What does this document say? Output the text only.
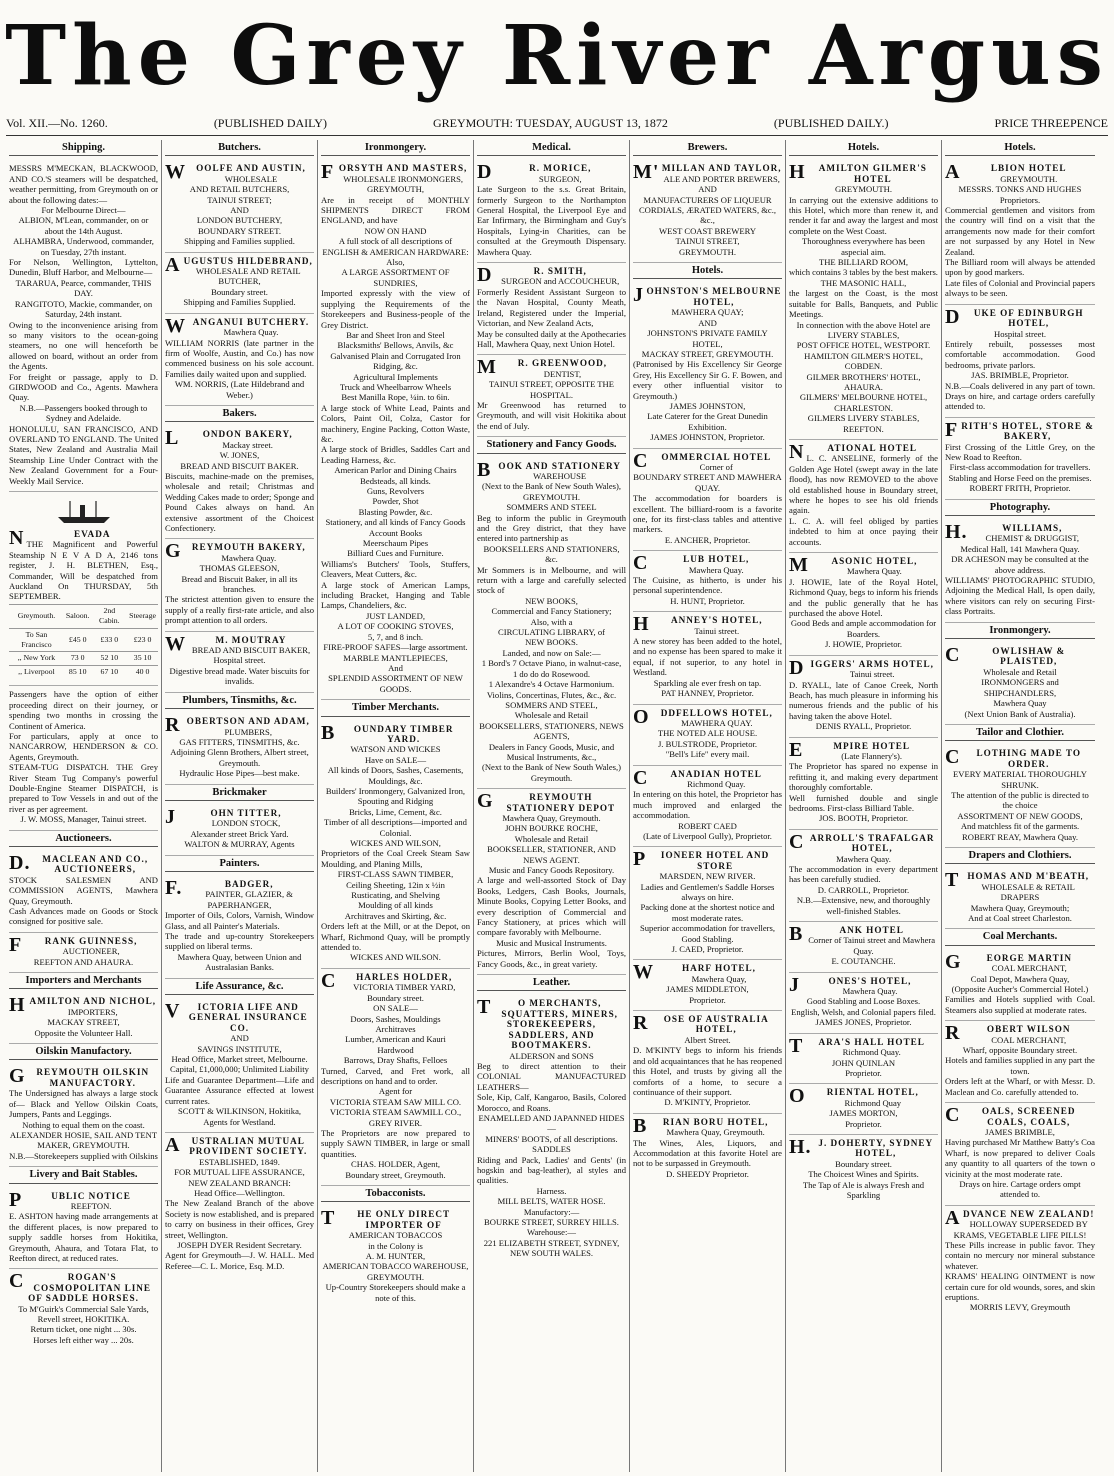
The Grey River Argus
Vol. XII.—No. 1260.	(PUBLISHED DAILY)	GREYMOUTH: TUESDAY, AUGUST 13, 1872	(PUBLISHED DAILY.)	PRICE THREEPENCE
Shipping.
MESSRS M'MECKAN, BLACKWOOD, AND CO.'S steamers will be despatched, weather permitting, from Greymouth on or about the following dates:—
For Melbourne Direct—
ALBION, M'Lean, commander, on or about the 14th August.
ALHAMBRA, Underwood, commander, on Tuesday, 27th instant.
For Nelson, Wellington, Lyttelton, Dunedin, Bluff Harbor, and Melbourne—
TARARUA, Pearce, commander, THIS DAY.
RANGITOTO, Mackie, commander, on Saturday, 24th instant.
Owing to the inconvenience arising from so many visitors to the ocean-going steamers, no one will henceforth be allowed on board, without an order from the Agents.
For freight or passage, apply to D. GIRDWOOD and Co., Agents. Mawhera Quay.
N.B.—Passengers booked through to Sydney and Adelaide.
HONOLULU, SAN FRANCISCO, AND OVERLAND TO ENGLAND. The United States, New Zealand and Australia Mail Steamship Line Under Contract with the New Zealand Government for a Four-Weekly Mail Service.
NEVADA
THE Magnificent and Powerful Steamship N E V A D A, 2146 tons register, J. H. BLETHEN, Esq., Commander, Will be despatched from Auckland On THURSDAY, 5th SEPTEMBER.
Greymouth.	Saloon.	2nd Cabin.	Steerage
To San Francisco	£45 0	£33 0	£23 0
,, New York	73 0	52 10	35 10
,, Liverpool	85 10	67 10	40 0
Passengers have the option of either proceeding direct on their journey, or spending two months in crossing the Continent of America.
For particulars, apply at once to NANCARROW, HENDERSON & CO. Agents, Greymouth.
STEAM-TUG DISPATCH. THE Grey River Steam Tug Company's powerful Double-Engine Steamer DISPATCH, is prepared to Tow Vessels in and out of the river as per agreement.
J. W. MOSS, Manager, Tainui street.
Auctioneers.
D.MACLEAN AND CO., AUCTIONEERS,
STOCK SALESMEN AND COMMISSION AGENTS, Mawhera Quay, Greymouth.
Cash Advances made on Goods or Stock consigned for positive sale.
FRANK GUINNESS,
AUCTIONEER,
REEFTON AND AHAURA.
Importers and Merchants
HAMILTON AND NICHOL,
IMPORTERS,
MACKAY STREET,
Opposite the Volunteer Hall.
Oilskin Manufactory.
GREYMOUTH OILSKIN MANUFACTORY.
The Undersigned has always a large stock of— Black and Yellow Oilskin Coats, Jumpers, Pants and Leggings.
Nothing to equal them on the coast.
ALEXANDER HOSIE, SAIL AND TENT MAKER, GREYMOUTH.
N.B.—Storekeepers supplied with Oilskins
Livery and Bait Stables.
PUBLIC NOTICE
REEFTON.
E. ASHTON having made arrangements at the different places, is now prepared to supply saddle horses from Hokitika, Greymouth, Ahaura, and Totara Flat, to Reefton direct, at reduced rates.
CROGAN'S COSMOPOLITAN LINE OF SADDLE HORSES.
To M'Guirk's Commercial Sale Yards, Revell street, HOKITIKA.
Return ticket, one night ... 30s.
Horses left either way ... 20s.
Butchers.
WOOLFE AND AUSTIN,
WHOLESALE
AND RETAIL BUTCHERS,
TAINUI STREET;
AND
LONDON BUTCHERY,
BOUNDARY STREET.
Shipping and Families supplied.
AUGUSTUS HILDEBRAND,
WHOLESALE AND RETAIL
BUTCHER,
Boundary street.
Shipping and Families Supplied.
WANGANUI BUTCHERY.
Mawhera Quay.
WILLIAM NORRIS (late partner in the firm of Woolfe, Austin, and Co.) has now commenced business on his sole account. Families daily waited upon and supplied.
WM. NORRIS, (Late Hildebrand and Weber.)
Bakers.
LONDON BAKERY,
Mackay street.
W. JONES,
BREAD AND BISCUIT BAKER.
Biscuits, machine-made on the premises, wholesale and retail; Christmas and Wedding Cakes made to order; Sponge and Pound Cakes always on hand. An extensive assortment of the Choicest Confectionery.
GREYMOUTH BAKERY,
Mawhera Quay.
THOMAS GLEESON,
Bread and Biscuit Baker, in all its branches.
The strictest attention given to ensure the supply of a really first-rate article, and also prompt attention to all orders.
WM. MOUTRAY
BREAD AND BISCUIT BAKER,
Hospital street.
Digestive bread made. Water biscuits for invalids.
Plumbers, Tinsmiths, &c.
ROBERTSON AND ADAM,
PLUMBERS,
GAS FITTERS, TINSMITHS, &c.
Adjoining Glenn Brothers, Albert street, Greymouth.
Hydraulic Hose Pipes—best make.
Brickmaker
JOHN TITTER,
LONDON STOCK,
Alexander street Brick Yard.
WALTON & MURRAY, Agents
Painters.
F.BADGER,
PAINTER, GLAZIER, & PAPERHANGER,
Importer of Oils, Colors, Varnish, Window Glass, and all Painter's Materials.
The trade and up-country Storekeepers supplied on liberal terms.
Mawhera Quay, between Union and Australasian Banks.
Life Assurance, &c.
VICTORIA LIFE AND GENERAL INSURANCE CO.
AND
SAVINGS INSTITUTE,
Head Office, Market street, Melbourne.
Capital, £1,000,000; Unlimited Liability
Life and Guarantee Department—Life and Guarantee Assurance effected at lowest current rates.
SCOTT & WILKINSON, Hokitika, Agents for Westland.
AUSTRALIAN MUTUAL PROVIDENT SOCIETY.
ESTABLISHED, 1849.
FOR MUTUAL LIFE ASSURANCE,
NEW ZEALAND BRANCH:
Head Office—Wellington.
The New Zealand Branch of the above Society is now established, and is prepared to carry on business in their offices, Grey street, Wellington.
JOSEPH DYER Resident Secretary.
Agent for Greymouth—J. W. HALL. Med Referee—C. L. Morice, Esq. M.D.
Ironmongery.
FORSYTH AND MASTERS,
WHOLESALE IRONMONGERS,
GREYMOUTH,
Are in receipt of MONTHLY SHIPMENTS DIRECT FROM ENGLAND, and have
NOW ON HAND
A full stock of all descriptions of
ENGLISH & AMERICAN HARDWARE:
Also,
A LARGE ASSORTMENT OF SUNDRIES,
Imported expressly with the view of supplying the Requirements of the Storekeepers and Business-people of the Grey District.
Bar and Sheet Iron and Steel
Blacksmiths' Bellows, Anvils, &c
Galvanised Plain and Corrugated Iron
Ridging, &c.
Agricultural Implements
Truck and Wheelbarrow Wheels
Best Manilla Rope, ¼in. to 6in.
A large stock of White Lead, Paints and Colors, Paint Oil, Colza, Castor for machinery, Engine Packing, Cotton Waste, &c.
A large stock of Bridles, Saddles Cart and Leading Harness, &c.
American Parlor and Dining Chairs Bedsteads, all kinds.
Guns, Revolvers
Powder, Shot
Blasting Powder, &c.
Stationery, and all kinds of Fancy Goods
Account Books
Meerschaum Pipes
Billiard Cues and Furniture.
Williams's Butchers' Tools, Stuffers, Cleavers, Meat Cutters, &c.
A large stock of American Lamps, including Bracket, Hanging and Table Lamps, Chandeliers, &c.
JUST LANDED,
A LOT OF COOKING STOVES,
5, 7, and 8 inch.
FIRE-PROOF SAFES—large assortment.
MARBLE MANTLEPIECES,
And
SPLENDID ASSORTMENT OF NEW GOODS.
Timber Merchants.
BOUNDARY TIMBER YARD.
WATSON AND WICKES
Have on SALE—
All kinds of Doors, Sashes, Casements, Mouldings, &c.
Builders' Ironmongery, Galvanized Iron, Spouting and Ridging
Bricks, Lime, Cement, &c.
Timber of all descriptions—imported and Colonial.
WICKES AND WILSON,
Proprietors of the Coal Creek Steam Saw Moulding, and Planing Mills,
FIRST-CLASS SAWN TIMBER,
Ceiling Sheeting, 12in x ½in
Rusticating, and Shelving
Moulding of all kinds
Architraves and Skirting, &c.
Orders left at the Mill, or at the Depot, on Wharf, Richmond Quay, will be promptly attended to.
WICKES AND WILSON.
CHARLES HOLDER,
VICTORIA TIMBER YARD,
Boundary street.
ON SALE—
Doors, Sashes, Mouldings
Architraves
Lumber, American and Kauri
Hardwood
Barrows, Dray Shafts, Felloes
Turned, Carved, and Fret work, all descriptions on hand and to order.
Agent for
VICTORIA STEAM SAW MILL CO.
VICTORIA STEAM SAWMILL CO., GREY RIVER.
The Proprietors are now prepared to supply SAWN TIMBER, in large or small quantities.
CHAS. HOLDER, Agent,
Boundary street, Greymouth.
Tobacconists.
THE ONLY DIRECT IMPORTER OF
AMERICAN TOBACCOS
in the Colony is
A. M. HUNTER,
AMERICAN TOBACCO WAREHOUSE, GREYMOUTH.
Up-Country Storekeepers should make a note of this.
Medical.
DR. MORICE,
SURGEON,
Late Surgeon to the s.s. Great Britain, formerly Surgeon to the Northampton General Hospital, the Liverpool Eye and Ear Infirmary, the Birmingham and Guy's Hospitals, Lying-in Charities, can be consulted at the Greymouth Dispensary. Mawhera Quay.
DR. SMITH,
SURGEON and ACCOUCHEUR,
Formerly Resident Assistant Surgeon to the Navan Hospital, County Meath, Ireland, Registered under the Imperial, Victorian, and New Zealand Acts,
May be consulted daily at the Apothecaries Hall, Mawhera Quay, next Union Hotel.
MR. GREENWOOD,
DENTIST,
TAINUI STREET, OPPOSITE THE HOSPITAL.
Mr Greenwood has returned to Greymouth, and will visit Hokitika about the end of July.
Stationery and Fancy Goods.
BOOK AND STATIONERY
WAREHOUSE
(Next to the Bank of New South Wales), GREYMOUTH.
SOMMERS AND STEEL
Beg to inform the public in Greymouth and the Grey district, that they have entered into partnership as
BOOKSELLERS AND STATIONERS, &c.
Mr Sommers is in Melbourne, and will return with a large and carefully selected stock of
NEW BOOKS,
Commercial and Fancy Stationery;
Also, with a
CIRCULATING LIBRARY, of
NEW BOOKS.
Landed, and now on Sale:—
1 Bord's 7 Octave Piano, in walnut-case,
1 do do do Rosewood.
1 Alexandre's 4 Octave Harmonium.
Violins, Concertinas, Flutes, &c., &c.
SOMMERS AND STEEL,
Wholesale and Retail
BOOKSELLERS, STATIONERS, NEWS AGENTS,
Dealers in Fancy Goods, Music, and Musical Instruments, &c.,
(Next to the Bank of New South Wales,) Greymouth.
GREYMOUTH STATIONERY DEPOT
Mawhera Quay, Greymouth.
JOHN BOURKE ROCHE,
Wholesale and Retail
BOOKSELLER, STATIONER, AND NEWS AGENT.
Music and Fancy Goods Repository.
A large and well-assorted Stock of Day Books, Ledgers, Cash Books, Journals, Minute Books, Copying Letter Books, and every description of Commercial and Fancy Stationery, at prices which will compare favorably with Melbourne.
Music and Musical Instruments.
Pictures, Mirrors, Berlin Wool, Toys, Fancy Goods, &c., in great variety.
Leather.
TO MERCHANTS, SQUATTERS, MINERS, STOREKEEPERS, SADDLERS, AND BOOTMAKERS.
ALDERSON and SONS
Beg to direct attention to their COLONIAL MANUFACTURED LEATHERS—
Sole, Kip, Calf, Kangaroo, Basils, Colored Morocco, and Roans.
ENAMELLED AND JAPANNED HIDES—
MINERS' BOOTS, of all descriptions.
SADDLES
Riding and Pack, Ladies' and Gents' (in hogskin and bag-leather), al styles and qualities.
Harness.
MILL BELTS, WATER HOSE.
Manufactory:—
BOURKE STREET, SURREY HILLS. Warehouse:—
221 ELIZABETH STREET, SYDNEY, NEW SOUTH WALES.
Brewers.
M'MILLAN AND TAYLOR,
ALE AND PORTER BREWERS,
AND
MANUFACTURERS OF LIQUEUR CORDIALS, ÆRATED WATERS, &c., &c.,
WEST COAST BREWERY
TAINUI STREET,
GREYMOUTH.
Hotels.
JOHNSTON'S MELBOURNE HOTEL,
MAWHERA QUAY;
AND
JOHNSTON'S PRIVATE FAMILY HOTEL,
MACKAY STREET, GREYMOUTH.
(Patronised by His Excellency Sir George Grey, His Excellency Sir G. F. Bowen, and every other influential visitor to Greymouth.)
JAMES JOHNSTON,
Late Caterer for the Great Dunedin Exhibition.
JAMES JOHNSTON, Proprietor.
COMMERCIAL HOTEL
Corner of
BOUNDARY STREET AND MAWHERA QUAY.
The accommodation for boarders is excellent. The billiard-room is a favorite one, for its first-class tables and attentive markers.
E. ANCHER, Proprietor.
CLUB HOTEL,
Mawhera Quay.
The Cuisine, as hitherto, is under his personal superintendence.
H. HUNT, Proprietor.
HANNEY'S HOTEL,
Tainui street.
A new storey has been added to the hotel, and no expense has been spared to make it equal, if not superior, to any hotel in Westland.
Sparkling ale ever fresh on tap.
PAT HANNEY, Proprietor.
ODDFELLOWS HOTEL,
MAWHERA QUAY.
THE NOTED ALE HOUSE.
J. BULSTRODE, Proprietor.
"Bell's Life" every mail.
CANADIAN HOTEL
Richmond Quay.
In entering on this hotel, the Proprietor has much improved and enlarged the accommodation.
ROBERT CAED
(Late of Liverpool Gully), Proprietor.
PIONEER HOTEL AND STORE
MARSDEN, NEW RIVER.
Ladies and Gentlemen's Saddle Horses always on hire.
Packing done at the shortest notice and most moderate rates.
Superior accommodation for travellers, Good Stabling.
J. CAED, Proprietor.
WHARF HOTEL,
Mawhera Quay,
JAMES MIDDLETON,
Proprietor.
ROSE OF AUSTRALIA HOTEL,
Albert Street.
D. M'KINTY begs to inform his friends and old acquaintances that he has reopened this Hotel, and trusts by giving all the comforts of a home, to secure a continuance of their support.
D. M'KINTY, Proprietor.
BRIAN BORU HOTEL,
Mawhera Quay, Greymouth.
The Wines, Ales, Liquors, and Accommodation at this favorite Hotel are not to be surpassed in Greymouth.
D. SHEEDY Proprietor.
Hotels.
HAMILTON GILMER'S HOTEL
GREYMOUTH.
In carrying out the extensive additions to this Hotel, which more than renew it, and render it far and away the largest and most complete on the West Coast.
Thoroughness everywhere has been aspecial aim.
THE BILLIARD ROOM,
which contains 3 tables by the best makers.
THE MASONIC HALL,
the largest on the Coast, is the most suitable for Balls, Banquets, and Public Meetings.
In connection with the above Hotel are LIVERY STABLES,
POST OFFICE HOTEL, WESTPORT.
HAMILTON GILMER'S HOTEL, COBDEN.
GILMER BROTHERS' HOTEL, AHAURA.
GILMERS' MELBOURNE HOTEL, CHARLESTON.
GILMERS LIVERY STABLES, REEFTON.
NATIONAL HOTEL
L. C. ANSELINE, formerly of the Golden Age Hotel (swept away in the late flood), has now REMOVED to the above old established house in Boundary street, where he hopes to see his old friends again.
L. C. A. will feel obliged by parties indebted to him at once paying their accounts.
MASONIC HOTEL,
Mawhera Quay.
J. HOWIE, late of the Royal Hotel, Richmond Quay, begs to inform his friends and the public generally that he has purchased the above Hotel.
Good Beds and ample accommodation for Boarders.
J. HOWIE, Proprietor.
DIGGERS' ARMS HOTEL,
Tainui street.
D. RYALL, late of Canoe Creek, North Beach, has much pleasure in informing his numerous friends and the public of his having taken the above Hotel.
DENIS RYALL, Proprietor.
EMPIRE HOTEL
(Late Flannery's).
The Proprietor has spared no expense in refitting it, and making every department thoroughly comfortable.
Well furnished double and single bedrooms. First-class Billiard Table.
JOS. BOOTH, Proprietor.
CARROLL'S TRAFALGAR HOTEL,
Mawhera Quay.
The accommodation in every department has been carefully studied.
D. CARROLL, Proprietor.
N.B.—Extensive, new, and thoroughly well-finished Stables.
BANK HOTEL
Corner of Tainui street and Mawhera Quay.
E. COUTANCHE.
JONES'S HOTEL,
Mawhera Quay.
Good Stabling and Loose Boxes.
English, Welsh, and Colonial papers filed.
JAMES JONES, Proprietor.
TARA'S HALL HOTEL
Richmond Quay.
JOHN QUINLAN
Proprietor.
ORIENTAL HOTEL,
Richmond Quay
JAMES MORTON,
Proprietor.
H.J. DOHERTY, SYDNEY HOTEL,
Boundary street.
The Choicest Wines and Spirits.
The Tap of Ale is always Fresh and Sparkling
Hotels.
ALBION HOTEL
GREYMOUTH.
MESSRS. TONKS AND HUGHES Proprietors.
Commercial gentlemen and visitors from the country will find on a visit that the arrangements now made for their comfort are not surpassed by any Hotel in New Zealand.
The Billiard room will always be attended upon by good markers.
Late files of Colonial and Provincial papers always to be seen.
DUKE OF EDINBURGH HOTEL,
Hospital street.
Entirely rebuilt, possesses most comfortable accommodation. Good bedrooms, private parlors.
JAS. BRIMBLE, Proprietor.
N.B.—Coals delivered in any part of town. Drays on hire, and cartage orders carefully attended to.
FRITH'S HOTEL, STORE & BAKERY,
First Crossing of the Little Grey, on the New Road to Reefton.
First-class accommodation for travellers.
Stabling and Horse Feed on the premises.
ROBERT FRITH, Proprietor.
Photography.
H.WILLIAMS,
CHEMIST & DRUGGIST,
Medical Hall, 141 Mawhera Quay.
DR ACHESON may be consulted at the above address.
WILLIAMS' PHOTOGRAPHIC STUDIO, Adjoining the Medical Hall, Is open daily, where visitors can rely on securing First-class Portraits.
Ironmongery.
COWLISHAW & PLAISTED,
Wholesale and Retail
IRONMONGERS and SHIPCHANDLERS,
Mawhera Quay
(Next Union Bank of Australia).
Tailor and Clothier.
CLOTHING MADE TO ORDER.
EVERY MATERIAL THOROUGHLY SHRUNK.
The attention of the public is directed to the choice
ASSORTMENT OF NEW GOODS,
And matchless fit of the garments.
ROBERT REAY, Mawhera Quay.
Drapers and Clothiers.
THOMAS AND M'BEATH,
WHOLESALE & RETAIL DRAPERS
Mawhera Quay, Greymouth;
And at Coal street Charleston.
Coal Merchants.
GEORGE MARTIN
COAL MERCHANT,
Coal Depot, Mawhera Quay,
(Opposite Aucher's Commercial Hotel.)
Families and Hotels supplied with Coal. Steamers also supplied at moderate rates.
ROBERT WILSON
COAL MERCHANT,
Wharf, opposite Boundary street.
Hotels and families supplied in any part the town.
Orders left at the Wharf, or with Messr. D. Maclean and Co. carefully attended to.
COALS, SCREENED COALS, COALS,
JAMES BRIMBLE,
Having purchased Mr Matthew Batty's Coa Wharf, is now prepared to deliver Coals any quantity to all quarters of the town o vicinity at the most moderate rate.
Drays on hire. Cartage orders ompt attended to.
ADVANCE NEW ZEALAND!
HOLLOWAY SUPERSEDED BY KRAMS, VEGETABLE LIFE PILLS!
These Pills increase in public favor. They contain no mercury nor mineral substance whatever.
KRAMS' HEALING OINTMENT is now certain cure for old wounds, sores, and skin eruptions.
MORRIS LEVY, Greymouth
